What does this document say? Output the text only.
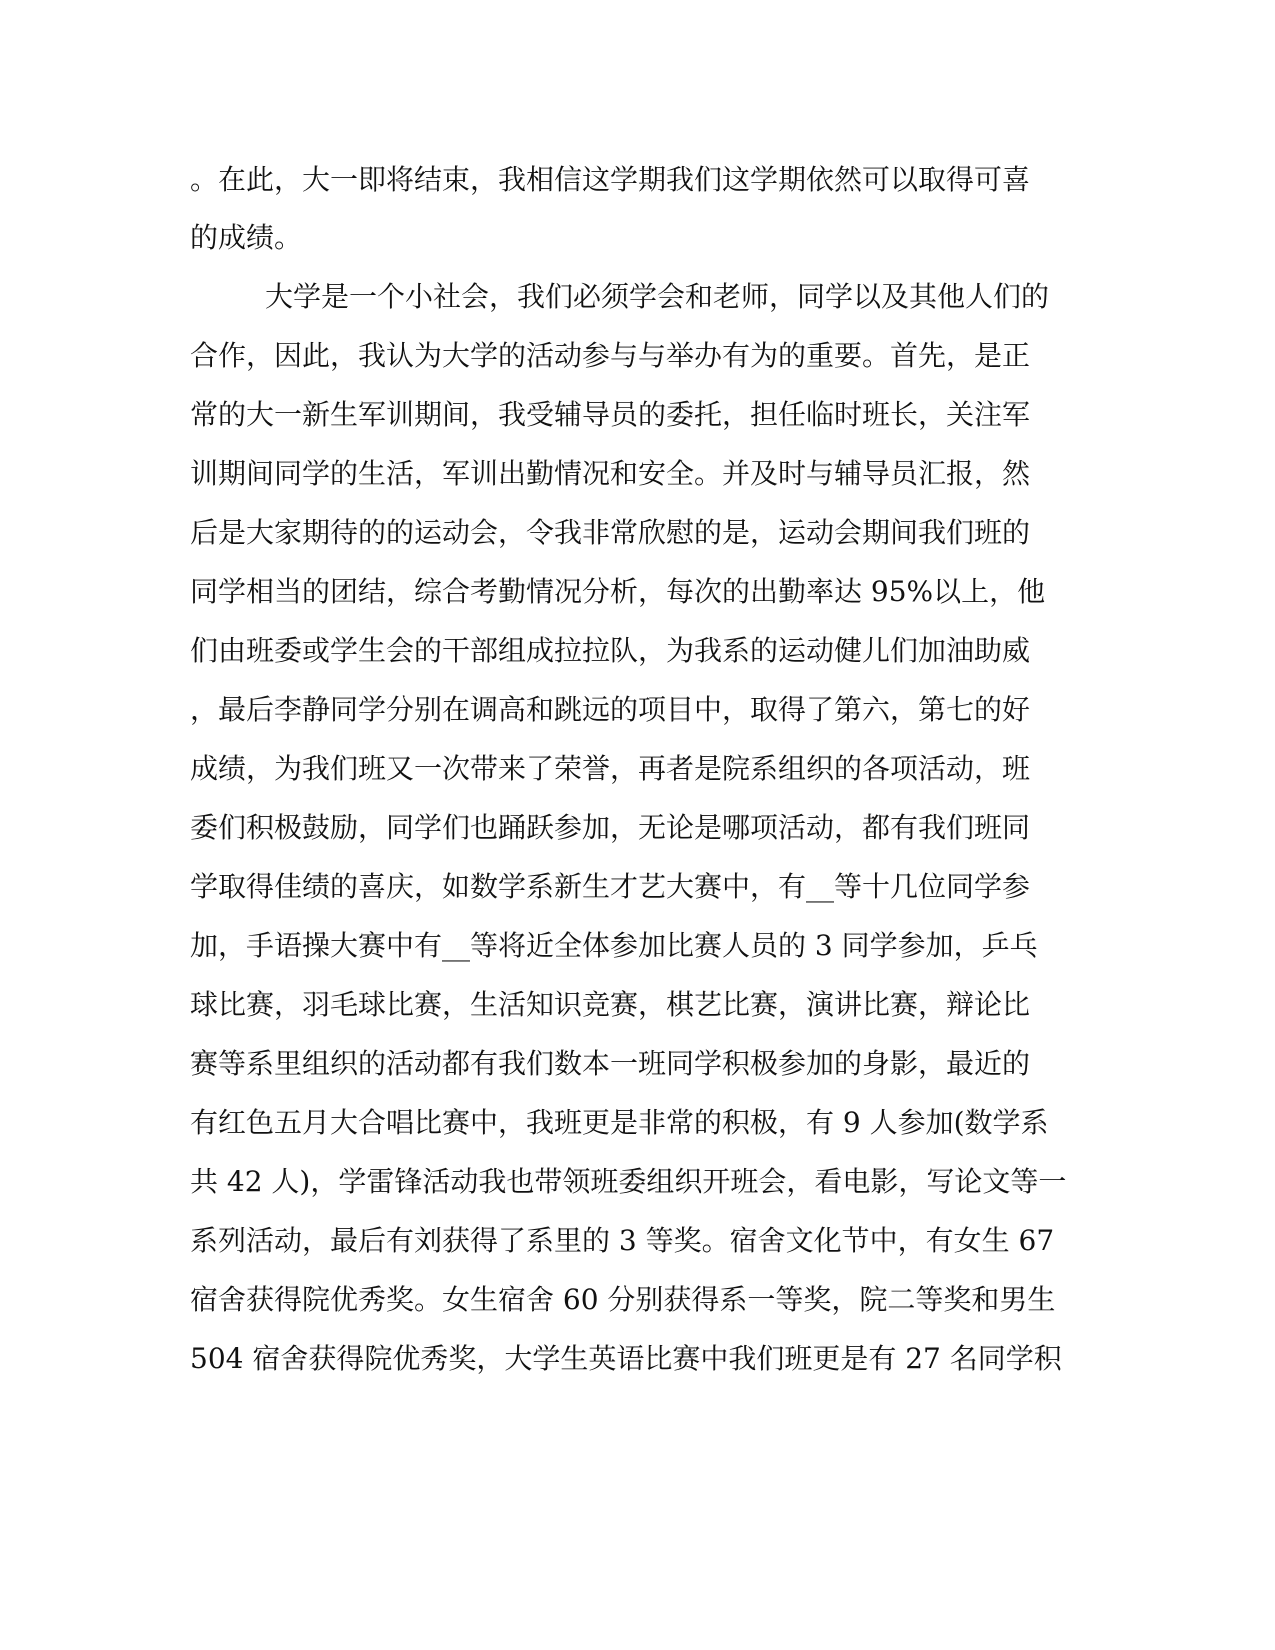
。在此，大一即将结束，我相信这学期我们这学期依然可以取得可喜
的成绩。
大学是一个小社会，我们必须学会和老师，同学以及其他人们的
合作，因此，我认为大学的活动参与与举办有为的重要。首先，是正
常的大一新生军训期间，我受辅导员的委托，担任临时班长，关注军
训期间同学的生活，军训出勤情况和安全。并及时与辅导员汇报，然
后是大家期待的的运动会，令我非常欣慰的是，运动会期间我们班的
同学相当的团结，综合考勤情况分析，每次的出勤率达 95%以上，他
们由班委或学生会的干部组成拉拉队，为我系的运动健儿们加油助威
，最后李静同学分别在调高和跳远的项目中，取得了第六，第七的好
成绩，为我们班又一次带来了荣誉，再者是院系组织的各项活动，班
委们积极鼓励，同学们也踊跃参加，无论是哪项活动，都有我们班同
学取得佳绩的喜庆，如数学系新生才艺大赛中，有__等十几位同学参
加，手语操大赛中有__等将近全体参加比赛人员的 3 同学参加，乒乓
球比赛，羽毛球比赛，生活知识竞赛，棋艺比赛，演讲比赛，辩论比
赛等系里组织的活动都有我们数本一班同学积极参加的身影，最近的
有红色五月大合唱比赛中，我班更是非常的积极，有 9 人参加(数学系
共 42 人)，学雷锋活动我也带领班委组织开班会，看电影，写论文等一
系列活动，最后有刘获得了系里的 3 等奖。宿舍文化节中，有女生 67
宿舍获得院优秀奖。女生宿舍 60 分别获得系一等奖，院二等奖和男生
504 宿舍获得院优秀奖，大学生英语比赛中我们班更是有 27 名同学积
